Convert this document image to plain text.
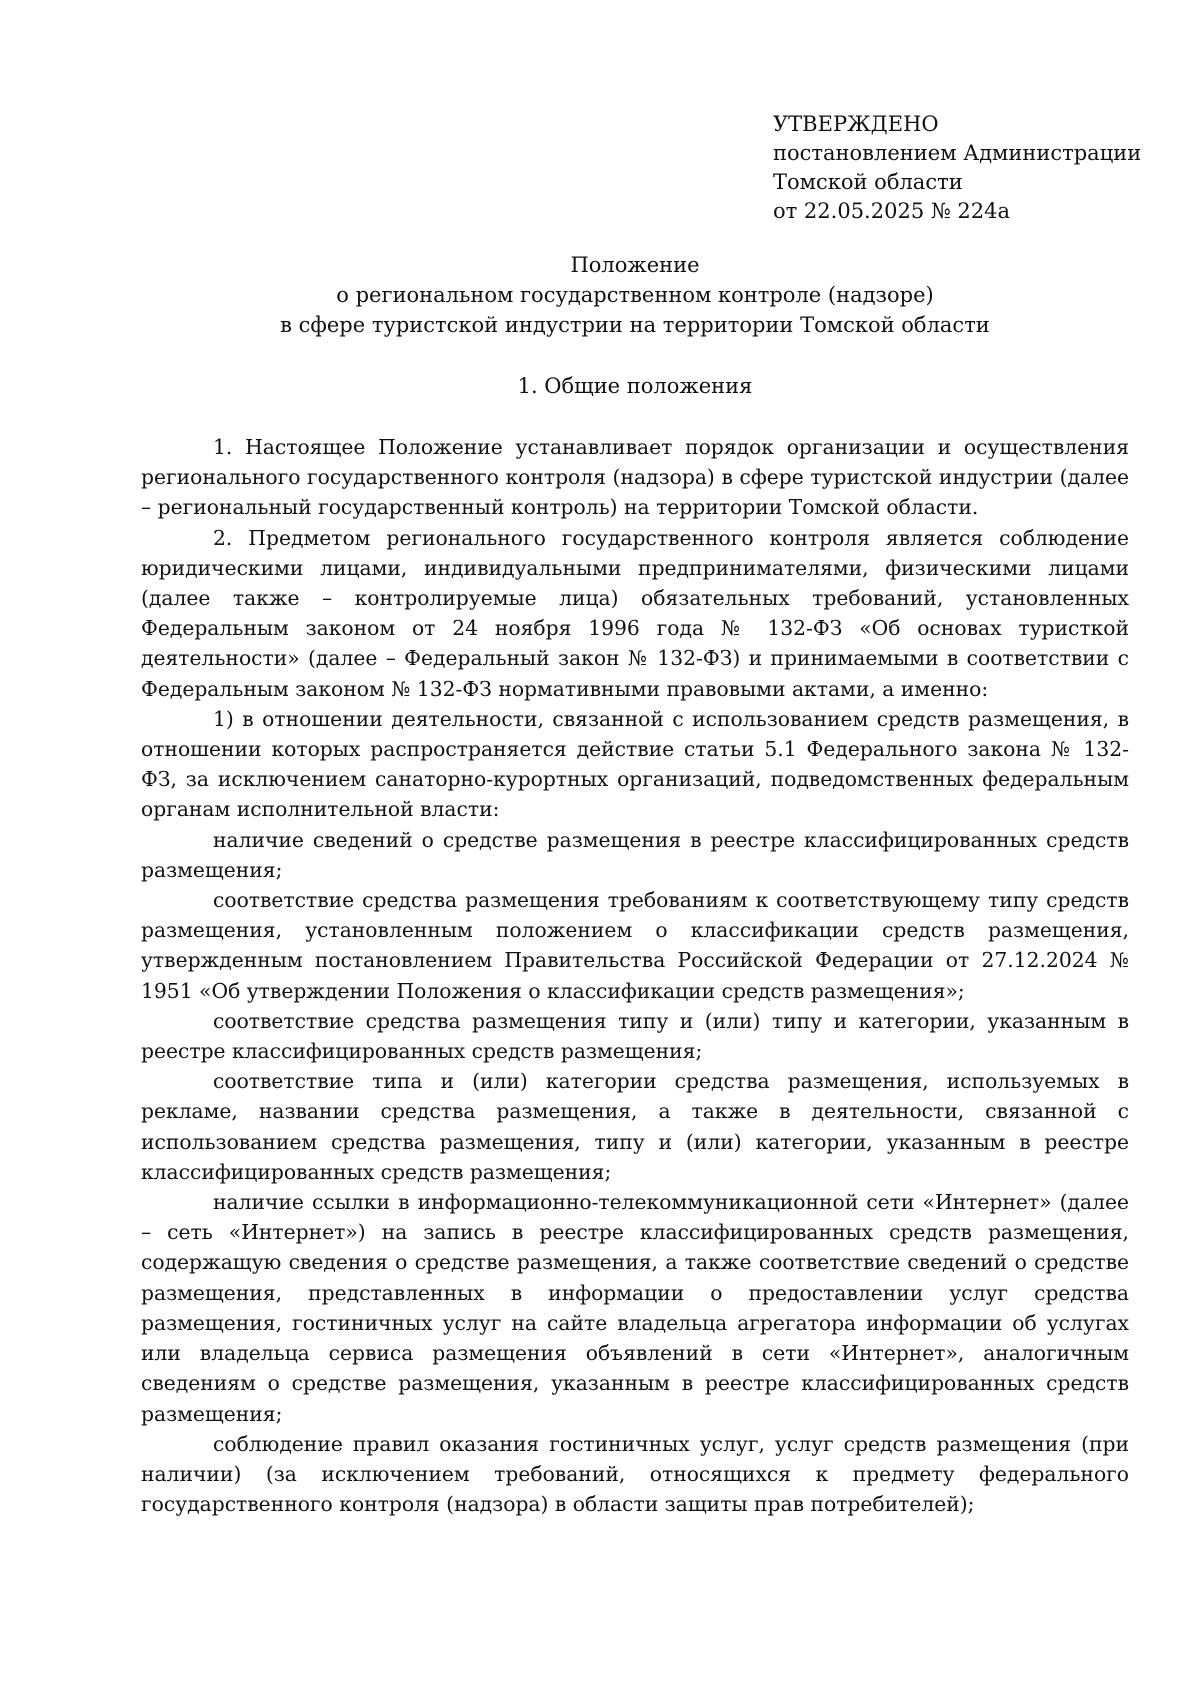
УТВЕРЖДЕНО
постановлением Администрации
Томской области
от 22.05.2025 № 224а
Положение
о региональном государственном контроле (надзоре)
в сфере туристской индустрии на территории Томской области
1. Общие положения

1. Настоящее Положение устанавливает порядок организации и осуществления регионального государственного контроля (надзора) в сфере туристской индустрии (далее – региональный государственный контроль) на территории Томской области.

2. Предметом регионального государственного контроля является соблюдение юридическими лицами, индивидуальными предпринимателями, физическими лицами (далее также – контролируемые лица) обязательных требований, установленных Федеральным законом от 24 ноября 1996 года № 132-ФЗ «Об основах туристкой деятельности» (далее – Федеральный закон № 132-ФЗ) и принимаемыми в соответствии с Федеральным законом № 132-ФЗ нормативными правовыми актами, а именно:

1) в отношении деятельности, связанной с использованием средств размещения, в отношении которых распространяется действие статьи 5.1 Федерального закона № 132-ФЗ, за исключением санаторно-курортных организаций, подведомственных федеральным органам исполнительной власти:

наличие сведений о средстве размещения в реестре классифицированных средств размещения;

соответствие средства размещения требованиям к соответствующему типу средств размещения, установленным положением о классификации средств размещения, утвержденным постановлением Правительства Российской Федерации от 27.12.2024 № 1951 «Об утверждении Положения о классификации средств размещения»;

соответствие средства размещения типу и (или) типу и категории, указанным в реестре классифицированных средств размещения;

соответствие типа и (или) категории средства размещения, используемых в рекламе, названии средства размещения, а также в деятельности, связанной с использованием средства размещения, типу и (или) категории, указанным в реестре классифицированных средств размещения;

наличие ссылки в информационно-телекоммуникационной сети «Интернет» (далее – сеть «Интернет») на запись в реестре классифицированных средств размещения, содержащую сведения о средстве размещения, а также соответствие сведений о средстве размещения, представленных в информации о предоставлении услуг средства размещения, гостиничных услуг на сайте владельца агрегатора информации об услугах или владельца сервиса размещения объявлений в сети «Интернет», аналогичным сведениям о средстве размещения, указанным в реестре классифицированных средств размещения;

соблюдение правил оказания гостиничных услуг, услуг средств размещения (при наличии) (за исключением требований, относящихся к предмету федерального государственного контроля (надзора) в области защиты прав потребителей);
